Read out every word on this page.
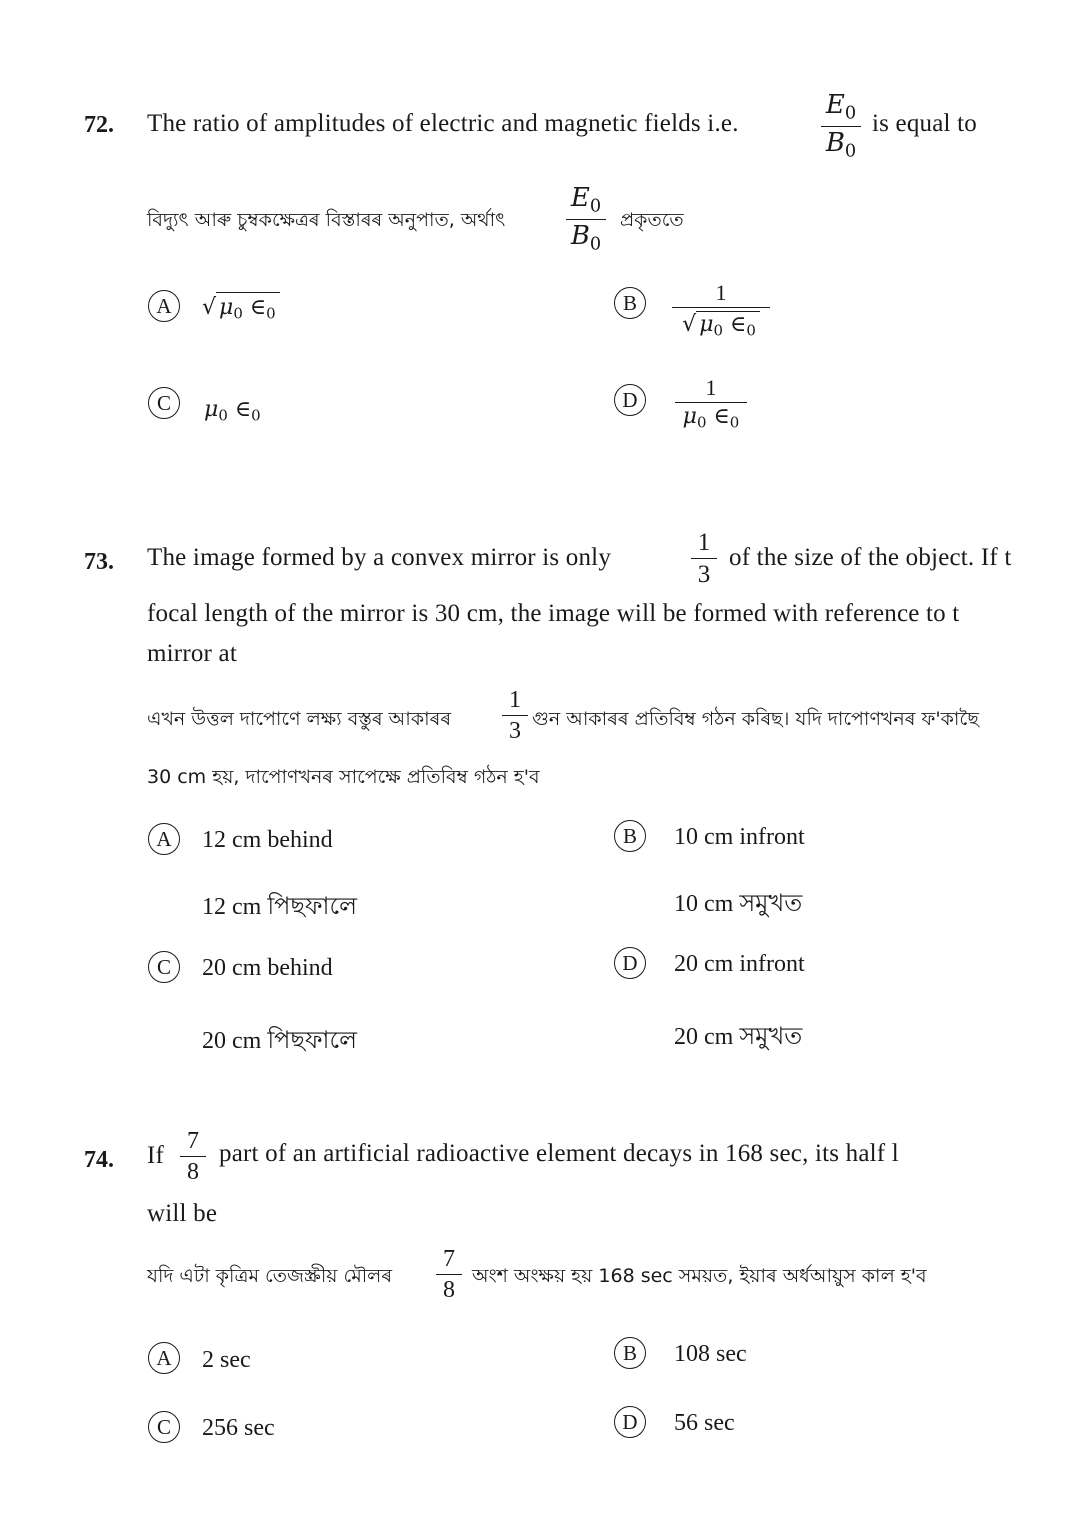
72. The ratio of amplitudes of electric and magnetic fields i.e.
$E_0$
$B_0$
is equal to
বিদ্যুৎ আৰু চুম্বকক্ষেত্ৰৰ বিস্তাৰৰ অনুপাত, অৰ্থাৎ
$E_0$
$B_0$
প্ৰকৃততে
A	√ $\mu_0$ $\in_0$	B	1
√ $\mu_0$ $\in_0$
C	$\mu_0$ $\in_0$
D	1
$\mu_0$ $\in_0$
73. The image formed by a convex mirror is only
1
3
of the size of the object. If t
focal length of the mirror is 30 cm, the image will be formed with reference to t
mirror at
এখন উত্তল দাপোণে লক্ষ্য বস্তুৰ আকাৰৰ
1
3 গুন আকাৰৰ প্ৰতিবিম্ব গঠন কৰিছ। যদি দাপোণখনৰ ফ'কাছৈ
30 cm হয়, দাপোণখনৰ সাপেক্ষে প্ৰতিবিম্ব গঠন হ'ব
A	12 cm behind
12 cm পিছফালে
B	10 cm infront
10 cm সমুখত
C	20 cm behind
20 cm পিছফালে
D	20 cm infront
20 cm সমুখত
74. If
7
8
part of an artificial radioactive element decays in 168 sec, its half l
will be
যদি এটা কৃত্ৰিম তেজস্ক্ৰীয় মৌলৰ
7
8
অংশ অংক্ষয় হয় 168 sec সময়ত, ইয়াৰ অৰ্ধআয়ুস কাল হ'ব
A	2 sec	B	108 sec
C	256 sec	D	56 sec
